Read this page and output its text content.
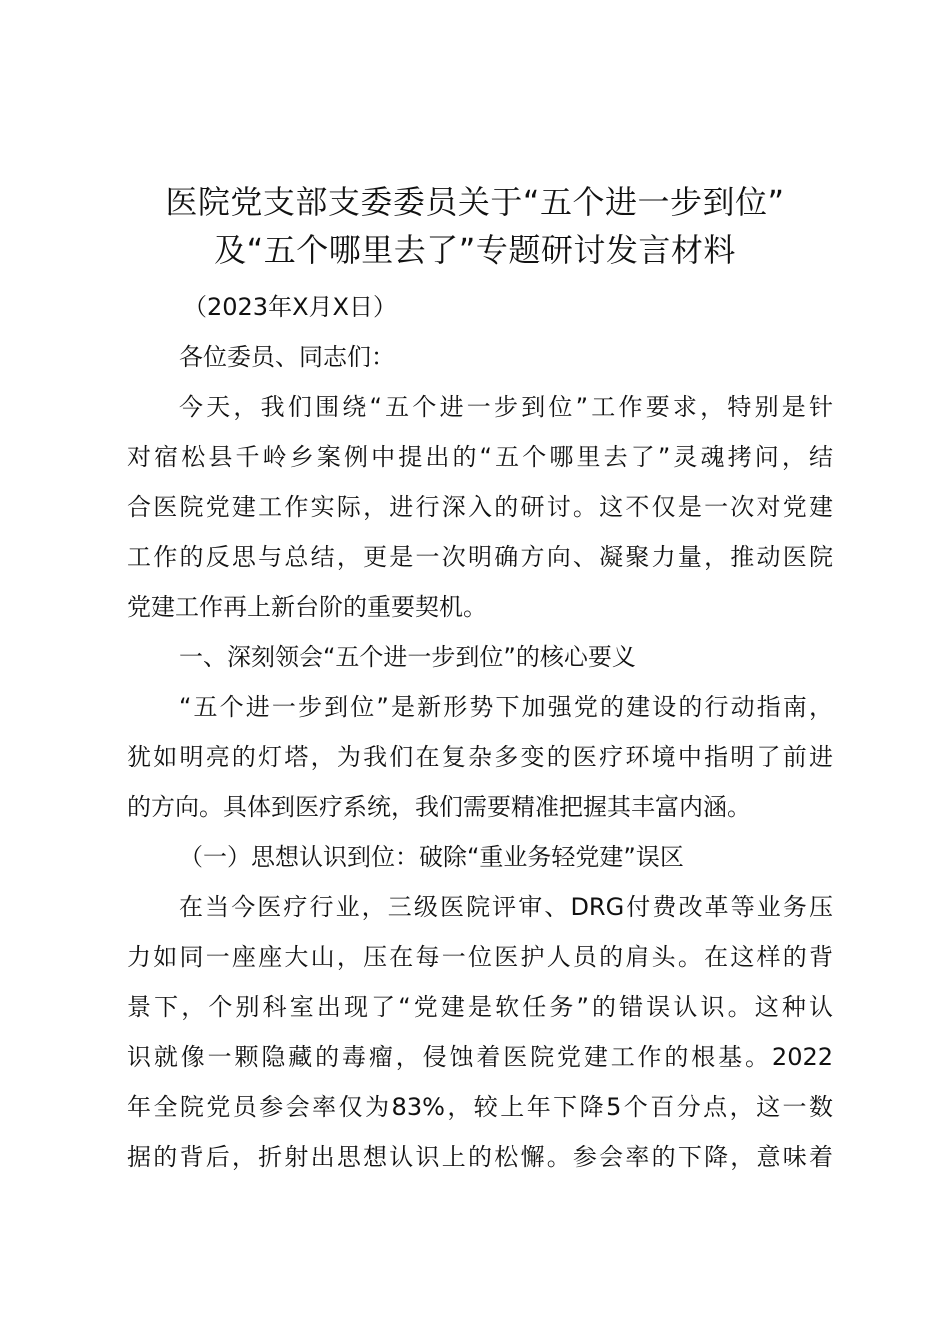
医院党支部支委委员关于“五个进一步到位”
及“五个哪里去了”专题研讨发言材料
（2023年X月X日）
各位委员、同志们：
今天，我们围绕“五个进一步到位”工作要求，特别是针
对宿松县千岭乡案例中提出的“五个哪里去了”灵魂拷问，结
合医院党建工作实际，进行深入的研讨。这不仅是一次对党建
工作的反思与总结，更是一次明确方向、凝聚力量，推动医院
党建工作再上新台阶的重要契机。
一、深刻领会“五个进一步到位”的核心要义
“五个进一步到位”是新形势下加强党的建设的行动指南，
犹如明亮的灯塔，为我们在复杂多变的医疗环境中指明了前进
的方向。具体到医疗系统，我们需要精准把握其丰富内涵。
（一）思想认识到位：破除“重业务轻党建”误区
在当今医疗行业，三级医院评审、DRG付费改革等业务压
力如同一座座大山，压在每一位医护人员的肩头。在这样的背
景下，个别科室出现了“党建是软任务”的错误认识。这种认
识就像一颗隐藏的毒瘤，侵蚀着医院党建工作的根基。2022
年全院党员参会率仅为83%，较上年下降5个百分点，这一数
据的背后，折射出思想认识上的松懈。参会率的下降，意味着
